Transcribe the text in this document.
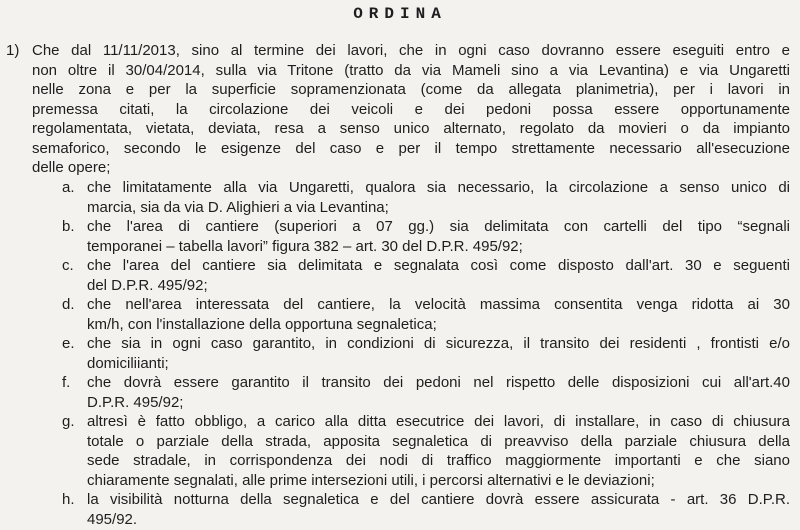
ORDINA
1) Che dal 11/11/2013, sino al termine dei lavori, che in ogni caso dovranno essere eseguiti entro e
non oltre il 30/04/2014, sulla via Tritone (tratto da via Mameli sino a via Levantina) e via Ungaretti
nelle zona e per la superficie sopramenzionata (come da allegata planimetria), per i lavori in
premessa citati, la circolazione dei veicoli e dei pedoni possa essere opportunamente
regolamentata, vietata, deviata, resa a senso unico alternato, regolato da movieri o da impianto
semaforico, secondo le esigenze del caso e per il tempo strettamente necessario all'esecuzione
delle opere;

a. che limitatamente alla via Ungaretti, qualora sia necessario, la circolazione a senso unico di
marcia, sia da via D. Alighieri a via Levantina;
b. che l'area di cantiere (superiori a 07 gg.) sia delimitata con cartelli del tipo “segnali
temporanei – tabella lavori” figura 382 – art. 30 del D.P.R. 495/92;
c. che l'area del cantiere sia delimitata e segnalata così come disposto dall'art. 30 e seguenti
del D.P.R. 495/92;
d. che nell'area interessata del cantiere, la velocità massima consentita venga ridotta ai 30
km/h, con l'installazione della opportuna segnaletica;
e. che sia in ogni caso garantito, in condizioni di sicurezza, il transito dei residenti , frontisti e/o
domiciliianti;
f. che dovrà essere garantito il transito dei pedoni nel rispetto delle disposizioni cui all'art.40
D.P.R. 495/92;
g. altresì è fatto obbligo, a carico alla ditta esecutrice dei lavori, di installare, in caso di chiusura
totale o parziale della strada, apposita segnaletica di preavviso della parziale chiusura della
sede stradale, in corrispondenza dei nodi di traffico maggiormente importanti e che siano
chiaramente segnalati, alle prime intersezioni utili, i percorsi alternativi e le deviazioni;
h. la visibilità notturna della segnaletica e del cantiere dovrà essere assicurata - art. 36 D.P.R.
495/92.
